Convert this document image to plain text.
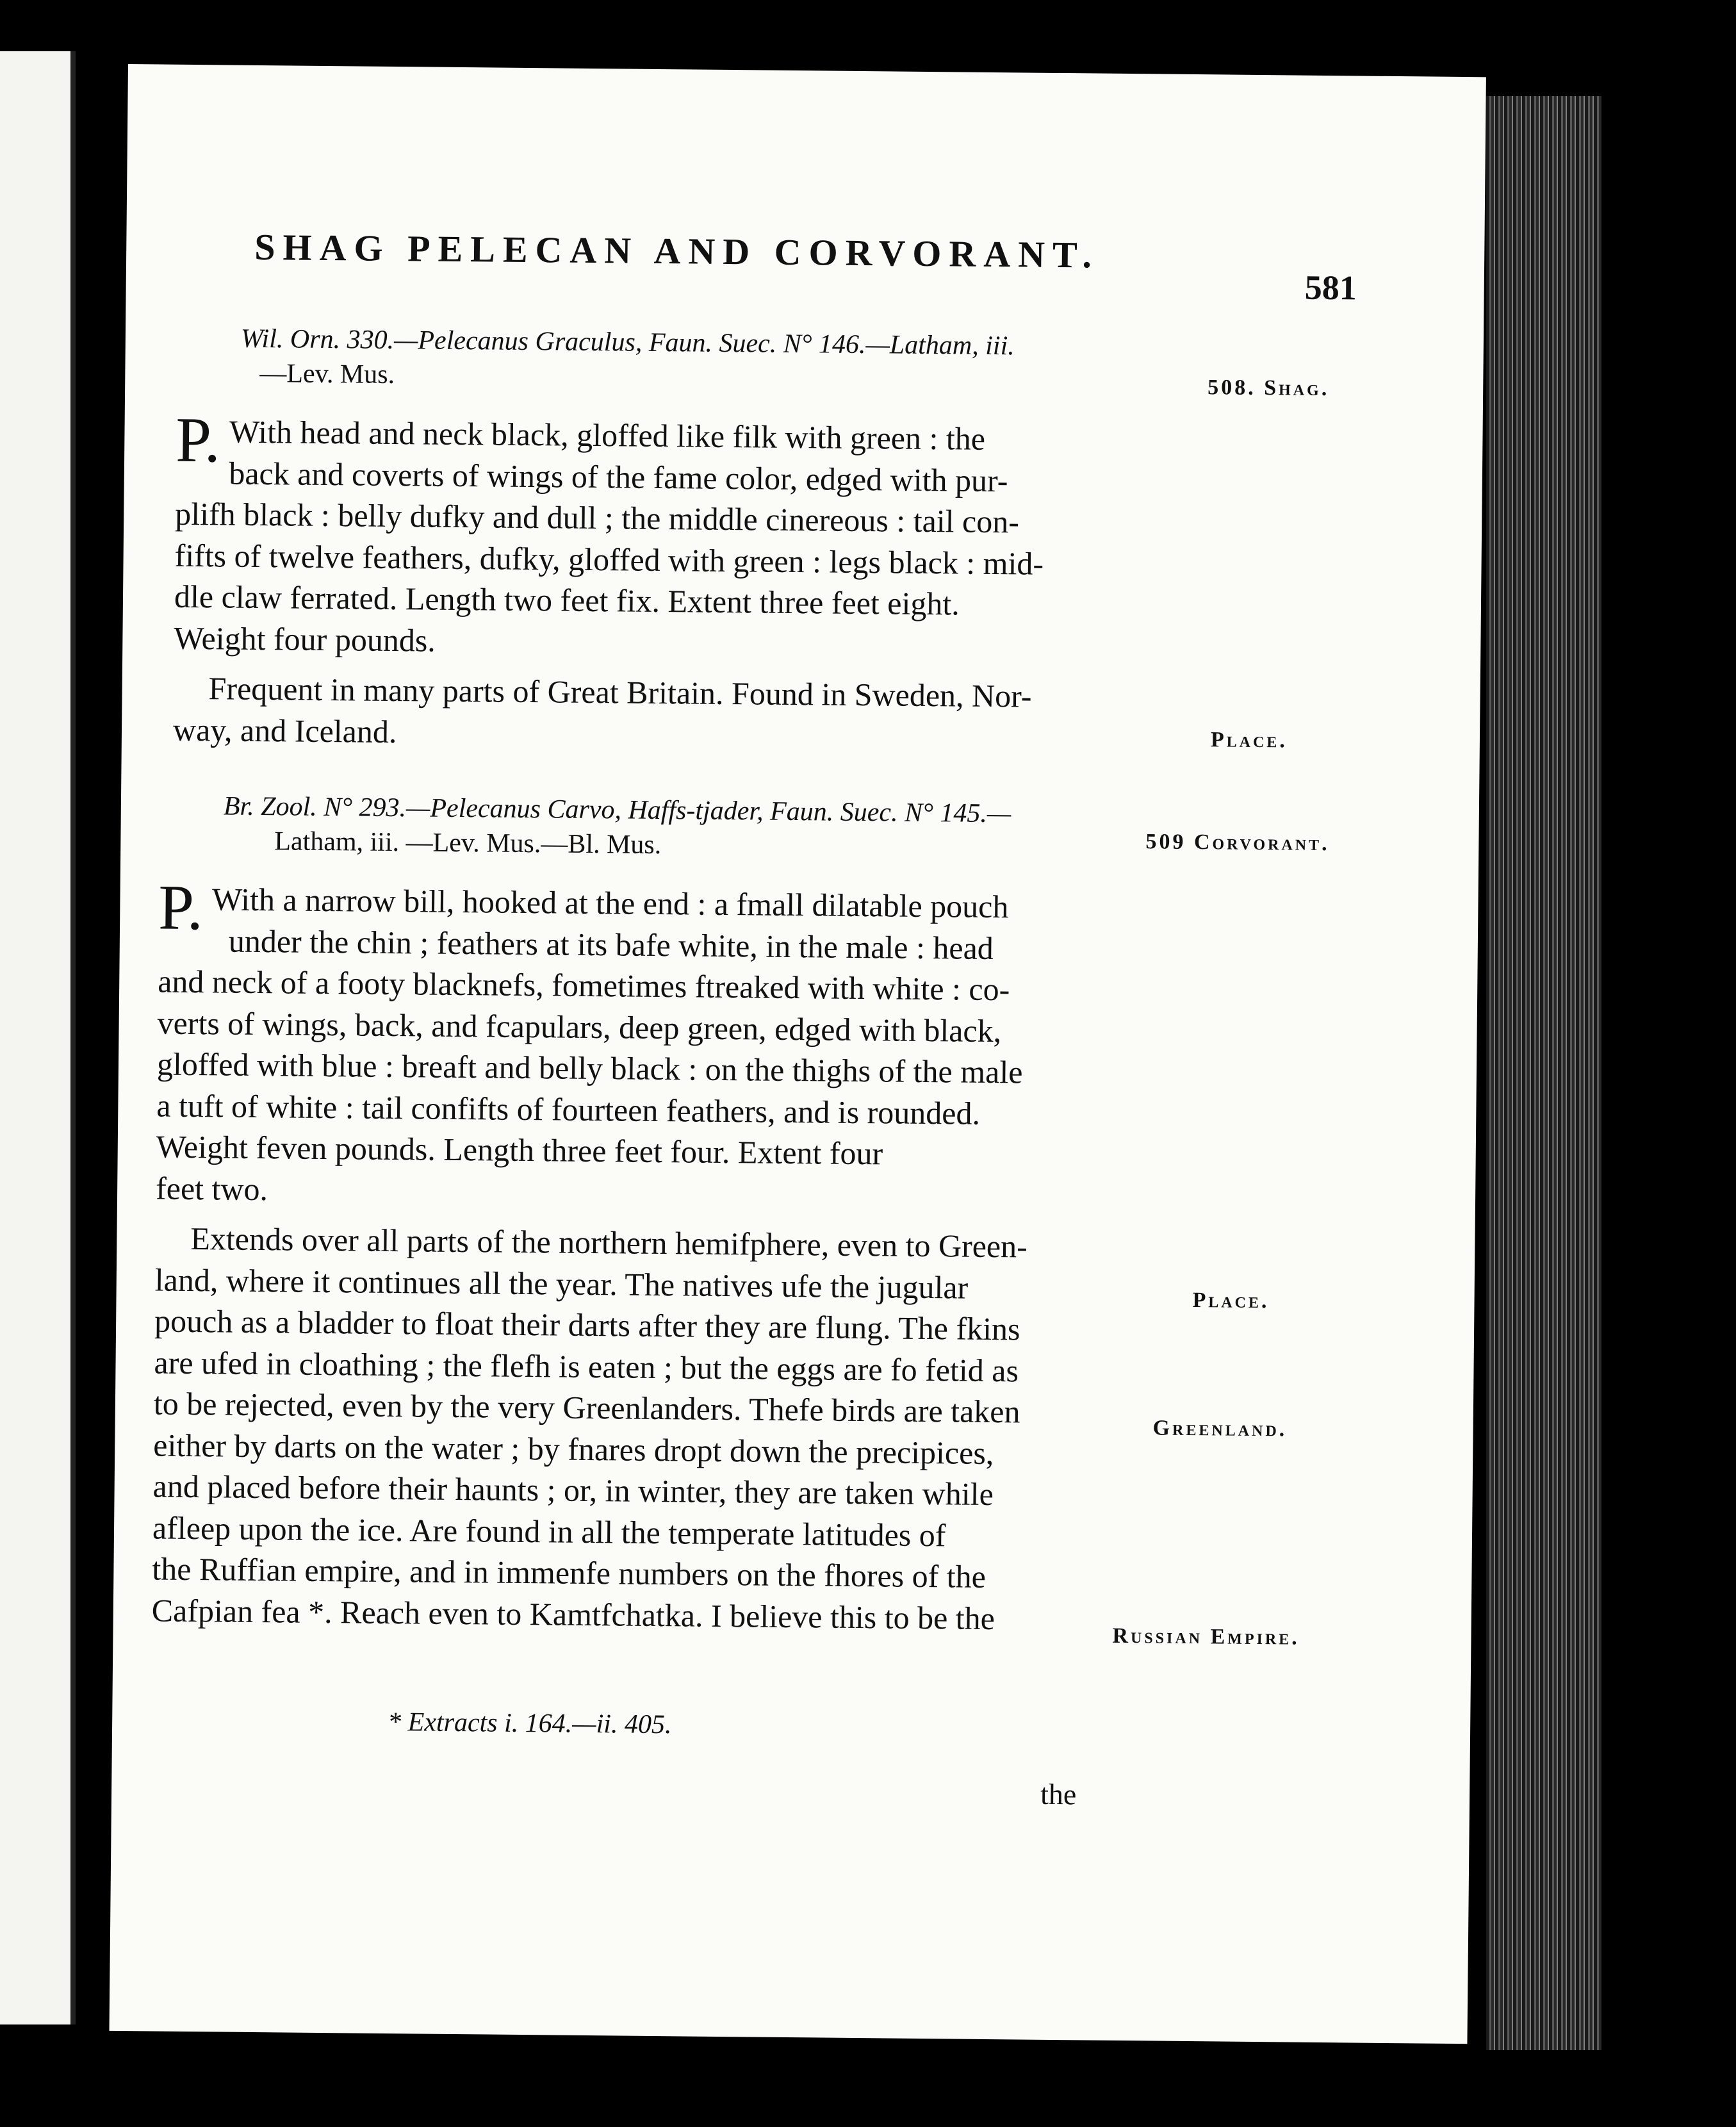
SHAG PELECAN AND CORVORANT.
581
Wil. Orn. 330.—Pelecanus Graculus, Faun. Suec. N° 146.—Latham, iii.
—Lev. Mus.	508. Shag.
P. With head and neck black, gloffed like filk with green : the
back and coverts of wings of the fame color, edged with pur-
plifh black : belly dufky and dull ; the middle cinereous : tail con-
fifts of twelve feathers, dufky, gloffed with green : legs black : mid-
dle claw ferrated. Length two feet fix. Extent three feet eight.
Weight four pounds.
Frequent in many parts of Great Britain. Found in Sweden, Nor-
way, and Iceland.	Place.
Br. Zool. N° 293.—Pelecanus Carvo, Haffs-tjader, Faun. Suec. N° 145.—
Latham, iii. —Lev. Mus.—Bl. Mus.	509 Corvorant.
P. With a narrow bill, hooked at the end : a fmall dilatable pouch
under the chin ; feathers at its bafe white, in the male : head
and neck of a footy blacknefs, fometimes ftreaked with white : co-
verts of wings, back, and fcapulars, deep green, edged with black,
gloffed with blue : breaft and belly black : on the thighs of the male
a tuft of white : tail confifts of fourteen feathers, and is rounded.
Weight feven pounds. Length three feet four. Extent four
feet two.
Extends over all parts of the northern hemifphere, even to Green-
land, where it continues all the year. The natives ufe the jugular
pouch as a bladder to float their darts after they are flung. The fkins
are ufed in cloathing ; the flefh is eaten ; but the eggs are fo fetid as
to be rejected, even by the very Greenlanders. Thefe birds are taken
either by darts on the water ; by fnares dropt down the precipices,
and placed before their haunts ; or, in winter, they are taken while
afleep upon the ice. Are found in all the temperate latitudes of
the Ruffian empire, and in immenfe numbers on the fhores of the
Cafpian fea *. Reach even to Kamtfchatka. I believe this to be the
Place.
Greenland.
Russian Empire.
* Extracts i. 164.—ii. 405.
the
